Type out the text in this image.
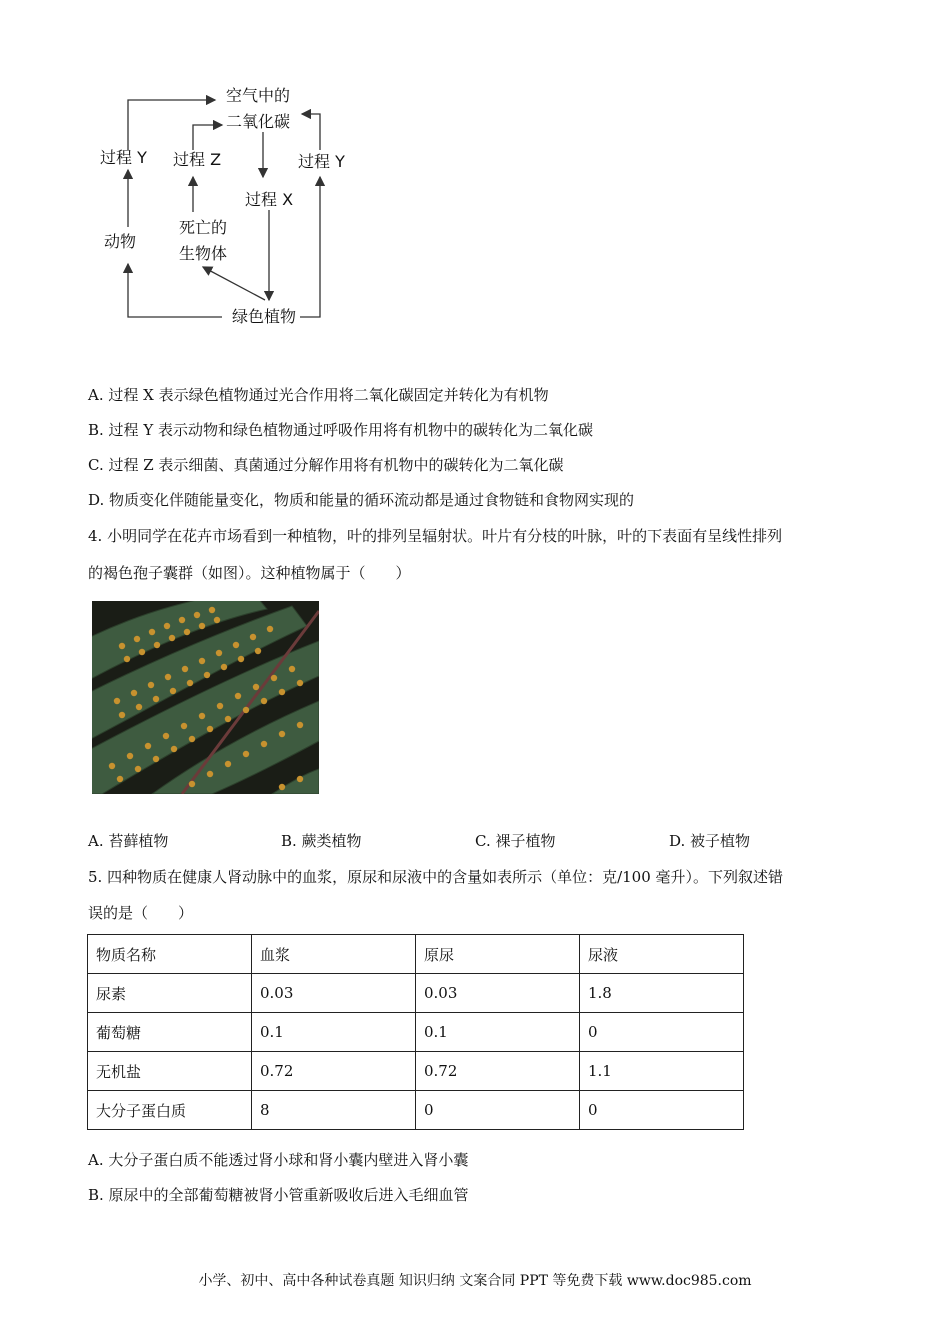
空气中的
二氧化碳
过程 Y 过程 Z	过程 Y
过程 X
动物
死亡的
生物体
绿色植物
A. 过程 X 表示绿色植物通过光合作用将二氧化碳固定并转化为有机物
B. 过程 Y 表示动物和绿色植物通过呼吸作用将有机物中的碳转化为二氧化碳
C. 过程 Z 表示细菌、真菌通过分解作用将有机物中的碳转化为二氧化碳
D. 物质变化伴随能量变化，物质和能量的循环流动都是通过食物链和食物网实现的
4. 小明同学在花卉市场看到一种植物，叶的排列呈辐射状。叶片有分枝的叶脉，叶的下表面有呈线性排列
的褐色孢子囊群（如图）。这种植物属于（　　）
A. 苔藓植物	B. 蕨类植物	C. 裸子植物	D. 被子植物
5. 四种物质在健康人肾动脉中的血浆，原尿和尿液中的含量如表所示（单位：克/100 毫升）。下列叙述错
误的是（　　）
物质名称	血浆	原尿	尿液
尿素	0.03	0.03	1.8
葡萄糖	0.1	0.1	0
无机盐	0.72	0.72	1.1
大分子蛋白质	8	0	0
A. 大分子蛋白质不能透过肾小球和肾小囊内壁进入肾小囊
B. 原尿中的全部葡萄糖被肾小管重新吸收后进入毛细血管
小学、初中、高中各种试卷真题 知识归纳 文案合同 PPT 等免费下载 www.doc985.com
